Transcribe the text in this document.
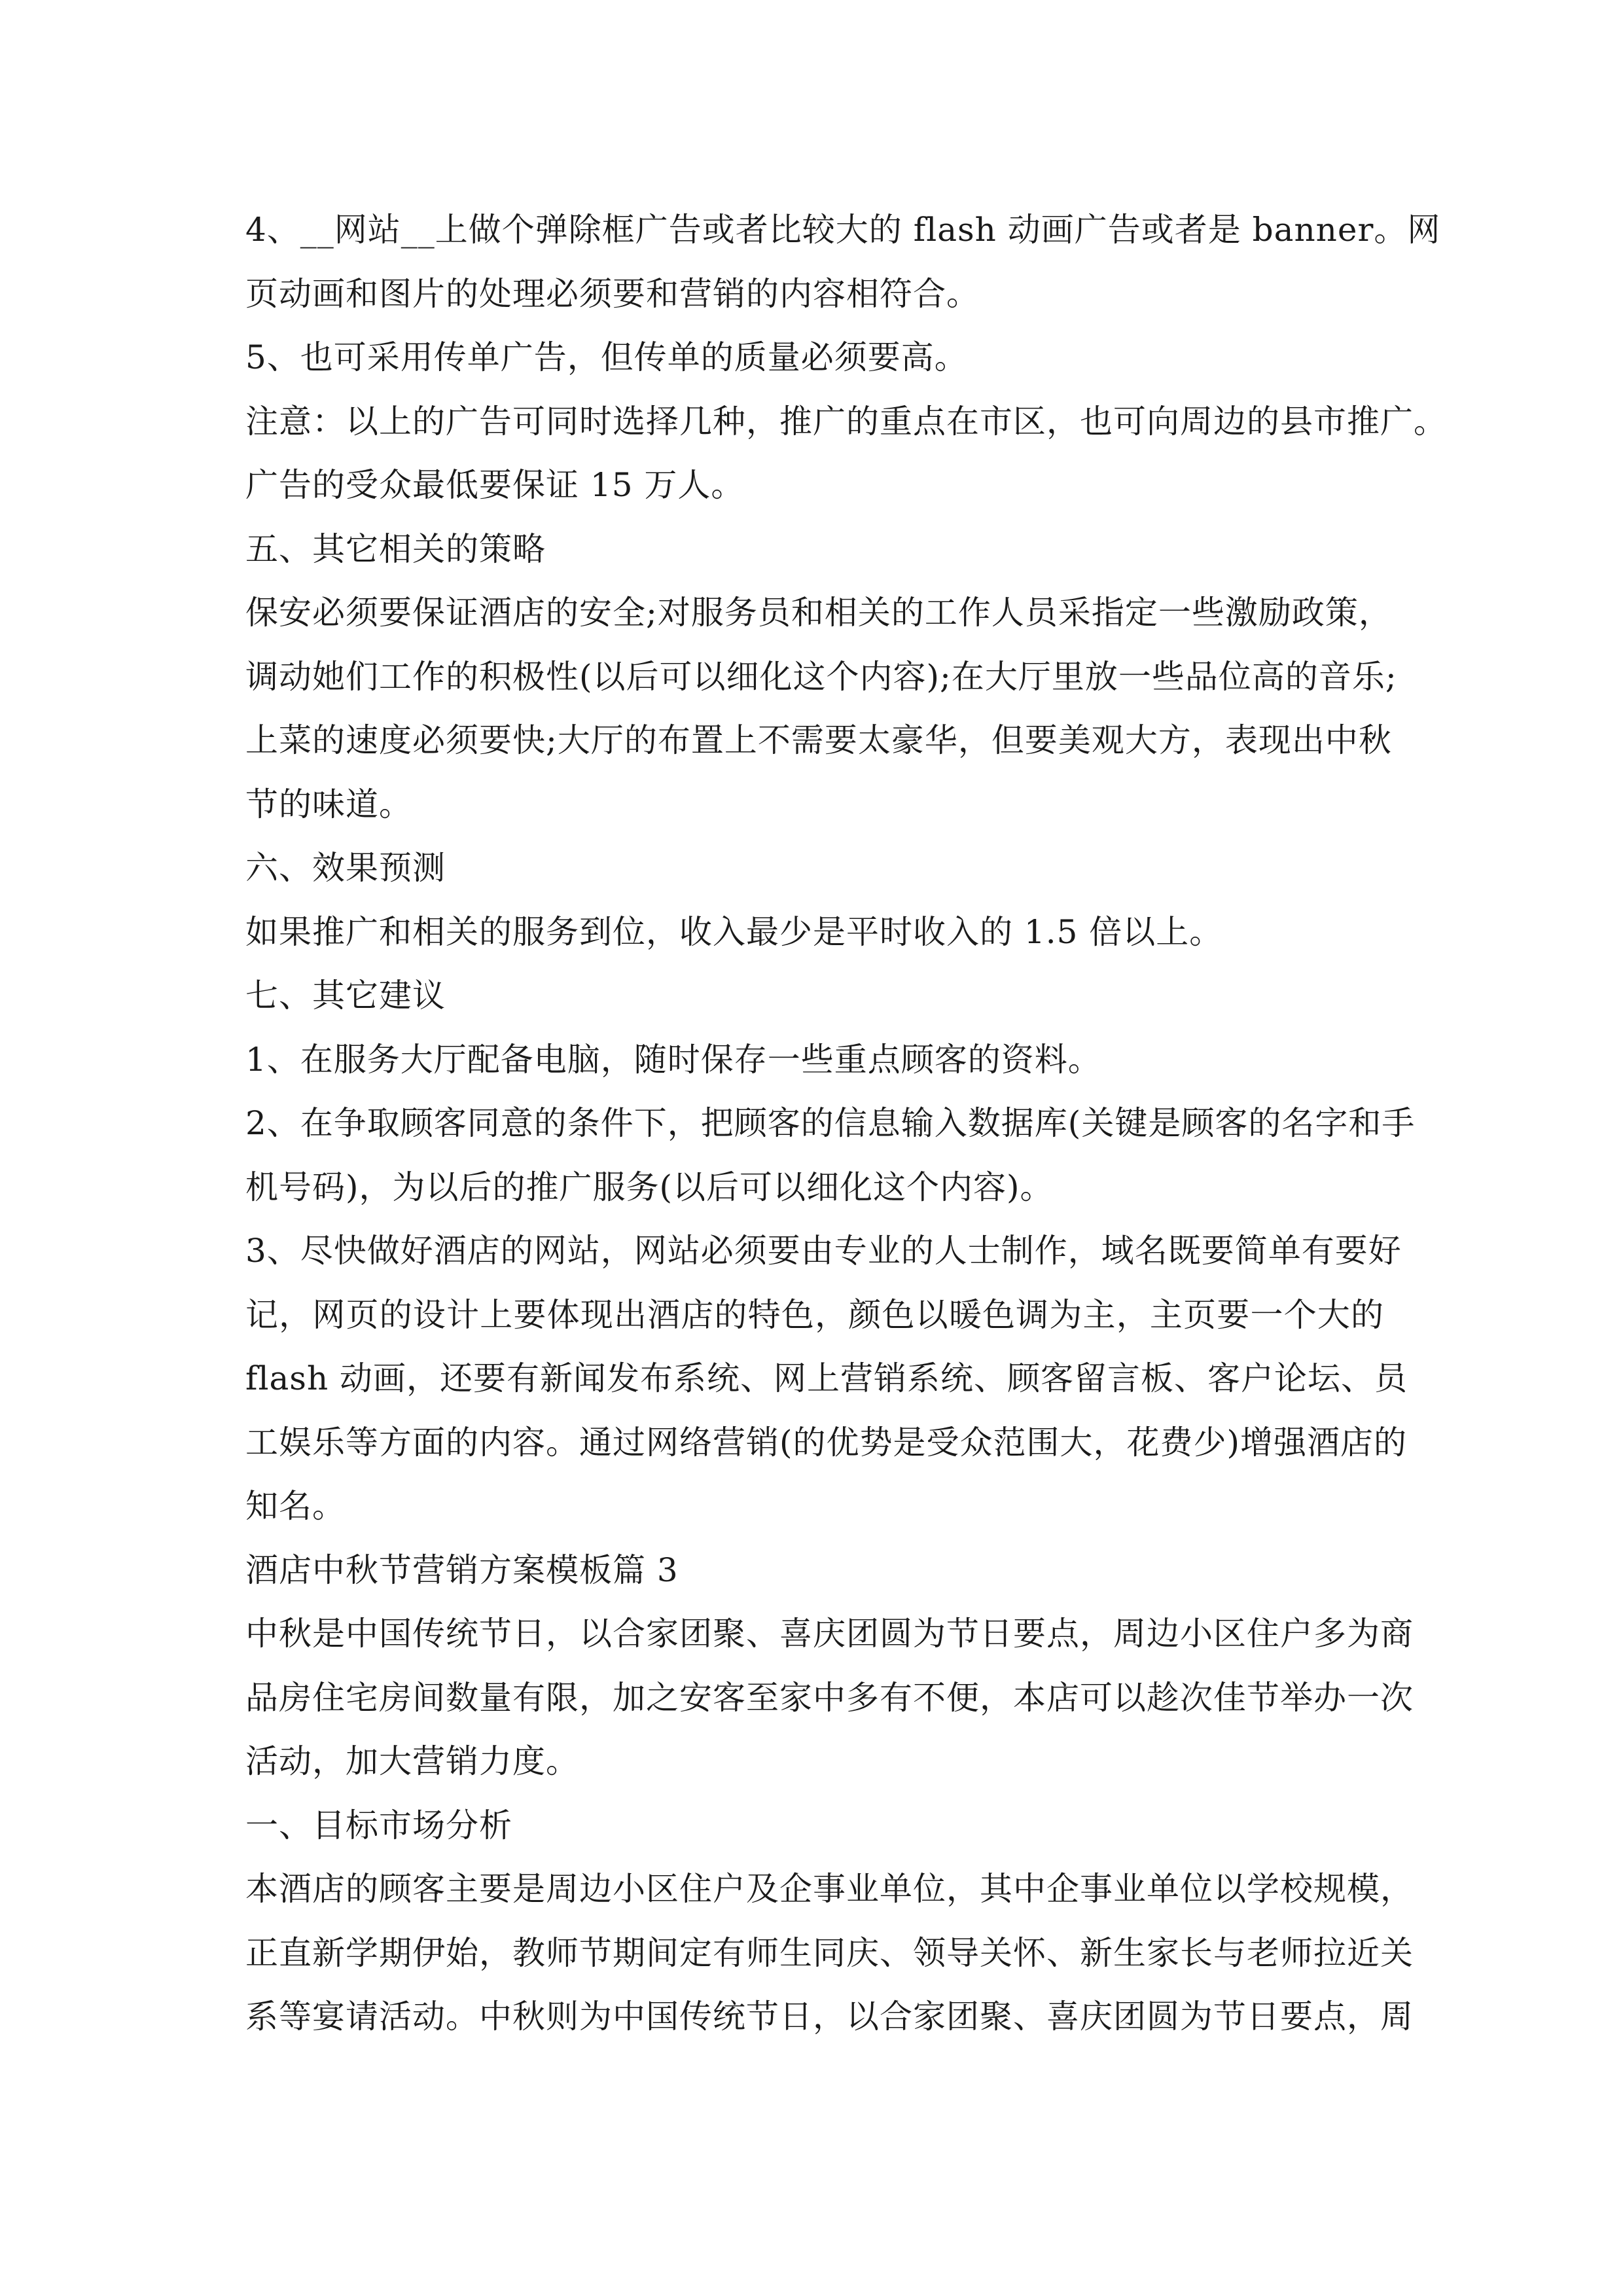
4、__网站__上做个弹除框广告或者比较大的 flash 动画广告或者是 banner。网
页动画和图片的处理必须要和营销的内容相符合。
5、也可采用传单广告，但传单的质量必须要高。
注意：以上的广告可同时选择几种，推广的重点在市区，也可向周边的县市推广。
广告的受众最低要保证 15 万人。
五、其它相关的策略
保安必须要保证酒店的安全;对服务员和相关的工作人员采指定一些激励政策，
调动她们工作的积极性(以后可以细化这个内容);在大厅里放一些品位高的音乐;
上菜的速度必须要快;大厅的布置上不需要太豪华，但要美观大方，表现出中秋
节的味道。
六、效果预测
如果推广和相关的服务到位，收入最少是平时收入的 1.5 倍以上。
七、其它建议
1、在服务大厅配备电脑，随时保存一些重点顾客的资料。
2、在争取顾客同意的条件下，把顾客的信息输入数据库(关键是顾客的名字和手
机号码)，为以后的推广服务(以后可以细化这个内容)。
3、尽快做好酒店的网站，网站必须要由专业的人士制作，域名既要简单有要好
记，网页的设计上要体现出酒店的特色，颜色以暖色调为主，主页要一个大的
flash 动画，还要有新闻发布系统、网上营销系统、顾客留言板、客户论坛、员
工娱乐等方面的内容。通过网络营销(的优势是受众范围大，花费少)增强酒店的
知名。
酒店中秋节营销方案模板篇 3
中秋是中国传统节日，以合家团聚、喜庆团圆为节日要点，周边小区住户多为商
品房住宅房间数量有限，加之安客至家中多有不便，本店可以趁次佳节举办一次
活动，加大营销力度。
一、目标市场分析
本酒店的顾客主要是周边小区住户及企事业单位，其中企事业单位以学校规模，
正直新学期伊始，教师节期间定有师生同庆、领导关怀、新生家长与老师拉近关
系等宴请活动。中秋则为中国传统节日，以合家团聚、喜庆团圆为节日要点，周
